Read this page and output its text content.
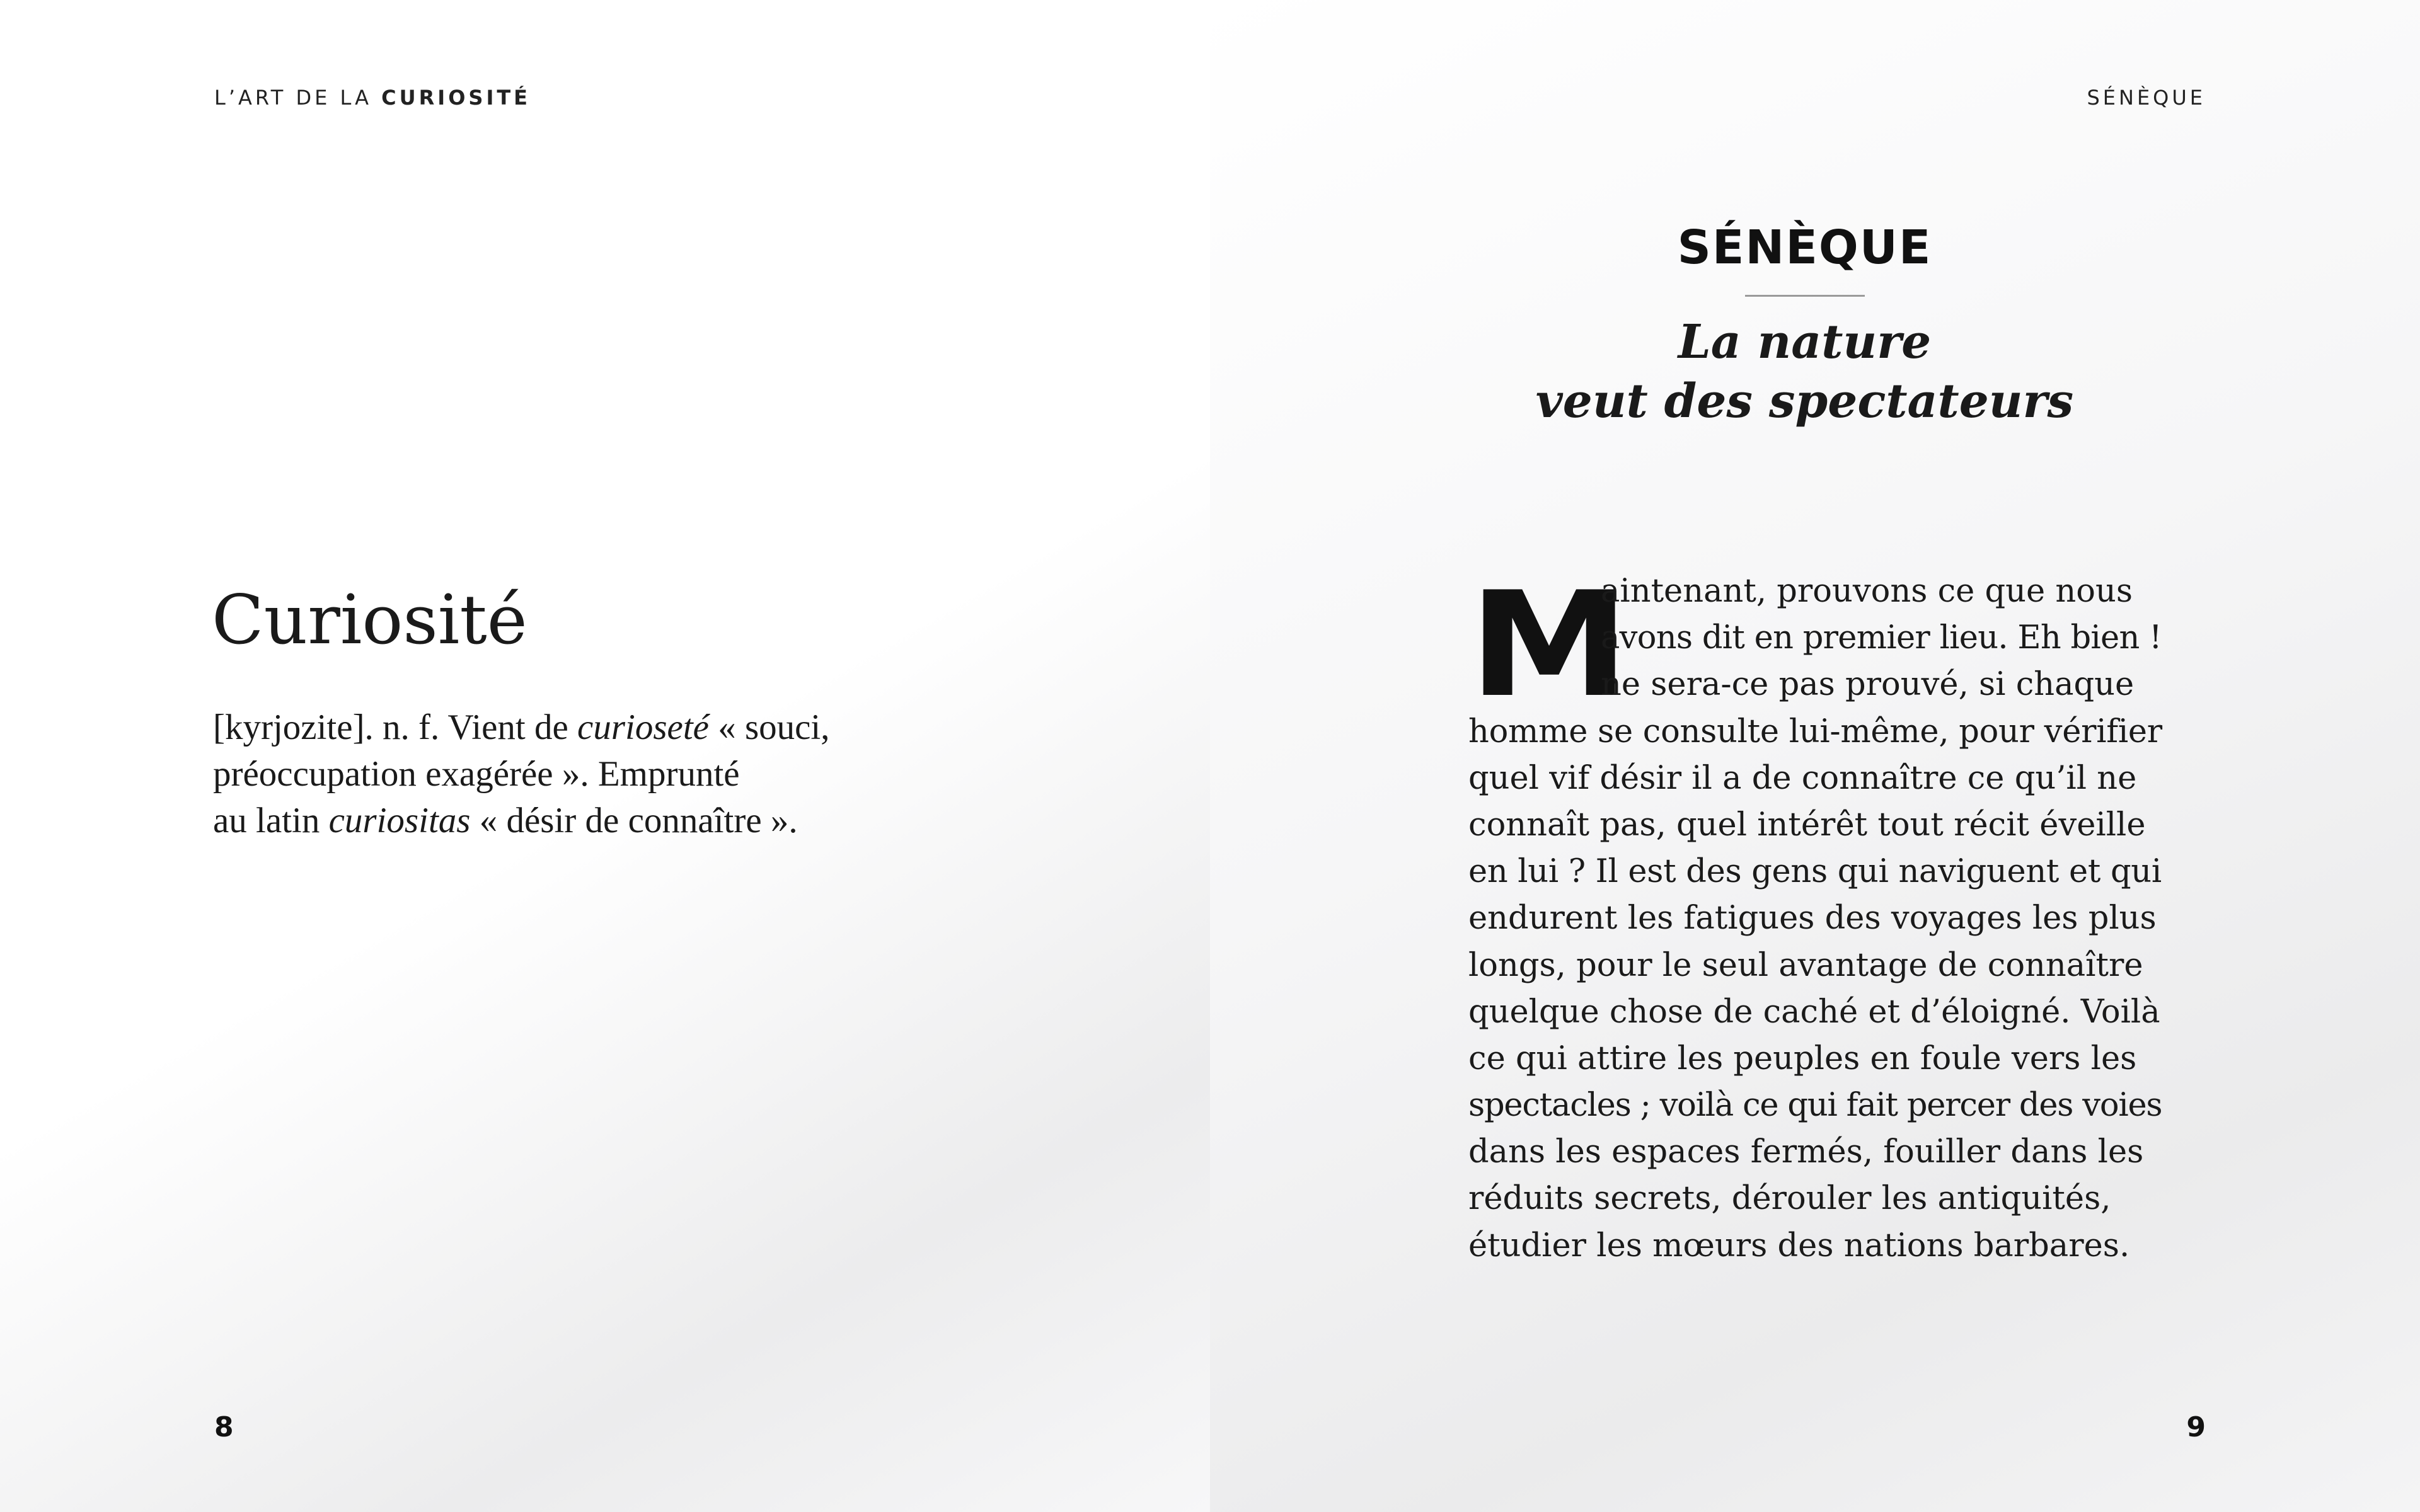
L’ART DE LA CURIOSITÉ
Curiosité

[kyrjozite]. n. f. Vient de curioseté « souci,
préoccupation exagérée ». Emprunté
au latin curiositas « désir de connaître ».

8
SÉNÈQUE
SÉNÈQUE
La nature
veut des spectateurs
M

aintenant, prouvons ce que nous
avons dit en premier lieu. Eh bien !
ne sera-ce pas prouvé, si chaque
homme se consulte lui-même, pour vérifier
quel vif désir il a de connaître ce qu’il ne
connaît pas, quel intérêt tout récit éveille
en lui ? Il est des gens qui naviguent et qui
endurent les fatigues des voyages les plus
longs, pour le seul avantage de connaître
quelque chose de caché et d’éloigné. Voilà
ce qui attire les peuples en foule vers les
spectacles ; voilà ce qui fait percer des voies
dans les espaces fermés, fouiller dans les
réduits secrets, dérouler les antiquités,
étudier les mœurs des nations barbares.

9
